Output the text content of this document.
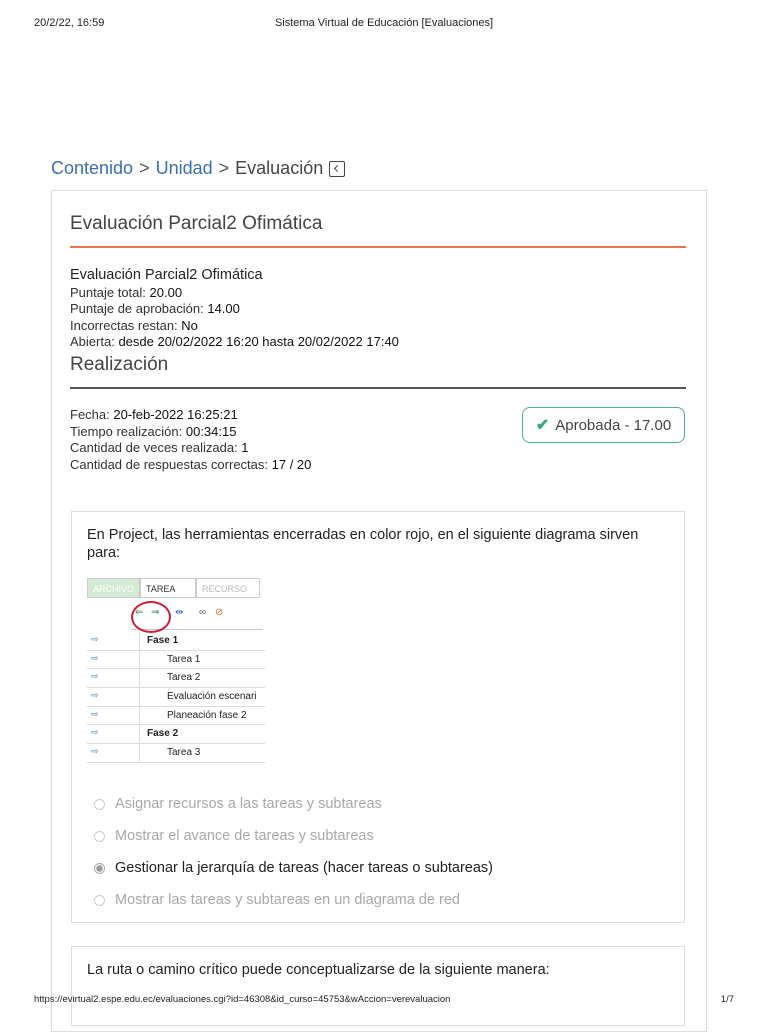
20/2/22, 16:59	Sistema Virtual de Educación [Evaluaciones]
Contenido > Unidad > Evaluación
Evaluación Parcial2 Ofimática
Evaluación Parcial2 Ofimática
Puntaje total: 20.00
Puntaje de aprobación: 14.00
Incorrectas restan: No
Abierta: desde 20/02/2022 16:20 hasta 20/02/2022 17:40
Realización
Fecha: 20-feb-2022 16:25:21
Tiempo realización: 00:34:15
Cantidad de veces realizada: 1
Cantidad de respuestas correctas: 17 / 20
✔ Aprobada - 17.00
En Project, las herramientas encerradas en color rojo, en el siguiente diagrama sirven para:
ARCHIVO	TAREA	RECURSO
⇐ ⇒ ⇹ ∞ ⊘
⇨	Fase 1
⇨	Tarea 1
⇨	Tarea 2
⇨	Evaluación escenari
⇨	Planeación fase 2
⇨	Fase 2
⇨	Tarea 3
Asignar recursos a las tareas y subtareas
Mostrar el avance de tareas y subtareas
Gestionar la jerarquía de tareas (hacer tareas o subtareas)
Mostrar las tareas y subtareas en un diagrama de red
La ruta o camino crítico puede conceptualizarse de la siguiente manera:
https://evirtual2.espe.edu.ec/evaluaciones.cgi?id=46308&id_curso=45753&wAccion=verevaluacion	1/7
